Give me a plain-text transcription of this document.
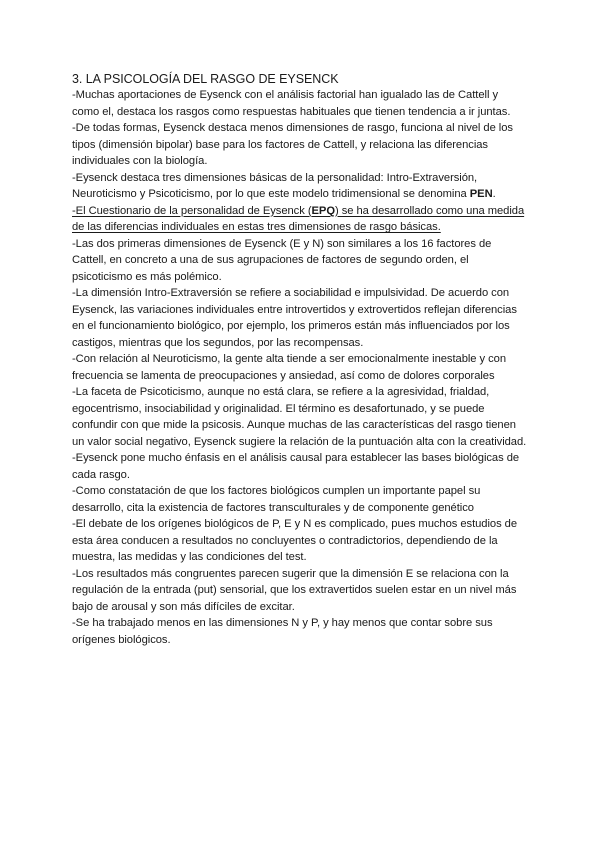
3. LA PSICOLOGÍA DEL RASGO DE EYSENCK

-Muchas aportaciones de Eysenck con el análisis factorial han igualado las de Cattell y como el, destaca los rasgos como respuestas habituales que tienen tendencia a ir juntas.

-De todas formas, Eysenck destaca menos dimensiones de rasgo, funciona al nivel de los tipos (dimensión bipolar) base para los factores de Cattell, y relaciona las diferencias individuales con la biología.

-Eysenck destaca tres dimensiones básicas de la personalidad: Intro-Extraversión, Neuroticismo y Psicoticismo, por lo que este modelo tridimensional se denomina PEN.

-El Cuestionario de la personalidad de Eysenck (EPQ) se ha desarrollado como una medida de las diferencias individuales en estas tres dimensiones de rasgo básicas.

-Las dos primeras dimensiones de Eysenck (E y N) son similares a los 16 factores de Cattell, en concreto a una de sus agrupaciones de factores de segundo orden, el psicoticismo es más polémico.

-La dimensión Intro-Extraversión se refiere a sociabilidad e impulsividad. De acuerdo con Eysenck, las variaciones individuales entre introvertidos y extrovertidos reflejan diferencias en el funcionamiento biológico, por ejemplo, los primeros están más influenciados por los castigos, mientras que los segundos, por las recompensas.

-Con relación al Neuroticismo, la gente alta tiende a ser emocionalmente inestable y con frecuencia se lamenta de preocupaciones y ansiedad, así como de dolores corporales

-La faceta de Psicoticismo, aunque no está clara, se refiere a la agresividad, frialdad, egocentrismo, insociabilidad y originalidad. El término es desafortunado, y se puede confundir con que mide la psicosis. Aunque muchas de las características del rasgo tienen un valor social negativo, Eysenck sugiere la relación de la puntuación alta con la creatividad.

-Eysenck pone mucho énfasis en el análisis causal para establecer las bases biológicas de cada rasgo.

-Como constatación de que los factores biológicos cumplen un importante papel su desarrollo, cita la existencia de factores transculturales y de componente genético

-El debate de los orígenes biológicos de P, E y N es complicado, pues muchos estudios de esta área conducen a resultados no concluyentes o contradictorios, dependiendo de la muestra, las medidas y las condiciones del test.

-Los resultados más congruentes parecen sugerir que la dimensión E se relaciona con la regulación de la entrada (put) sensorial, que los extravertidos suelen estar en un nivel más bajo de arousal y son más difíciles de excitar.

-Se ha trabajado menos en las dimensiones N y P, y hay menos que contar sobre sus orígenes biológicos.
